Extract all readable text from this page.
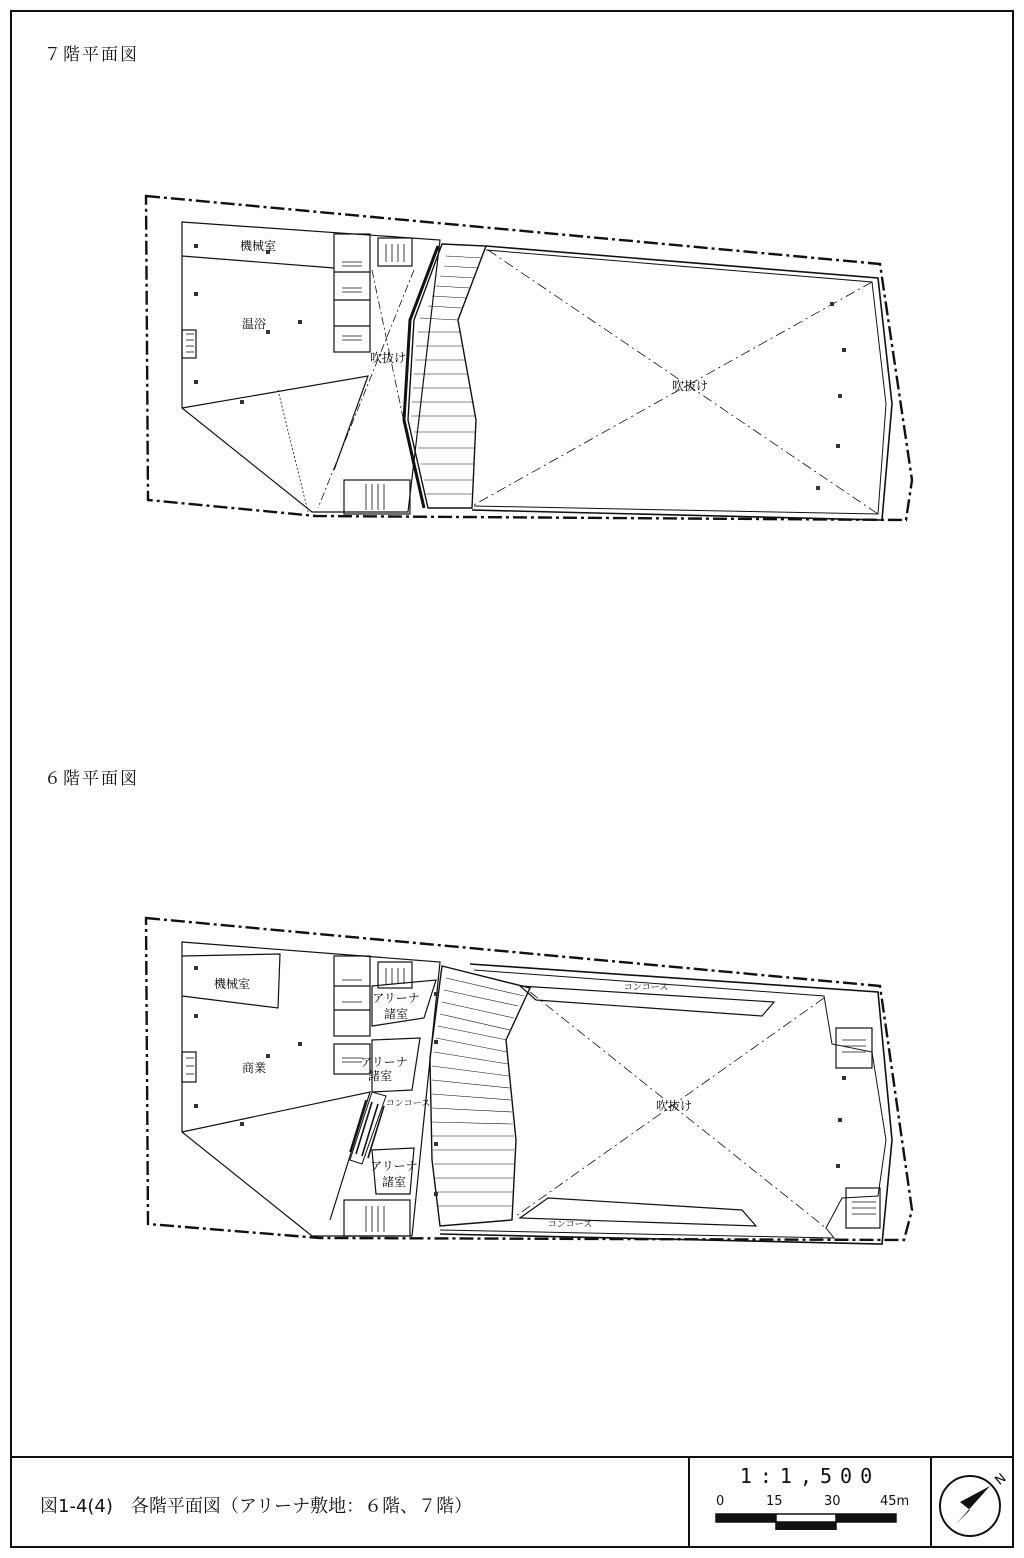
７階平面図
機械室
温浴
吹抜け
吹抜け
６階平面図
機械室
商業
アリーナ
諸室
アリーナ
諸室
アリーナ
諸室
コンコース
コンコース
コンコース
吹抜け
図1-4(4)　各階平面図（アリーナ敷地：６階、７階）
1:1,500
0	15	30	45m
N
